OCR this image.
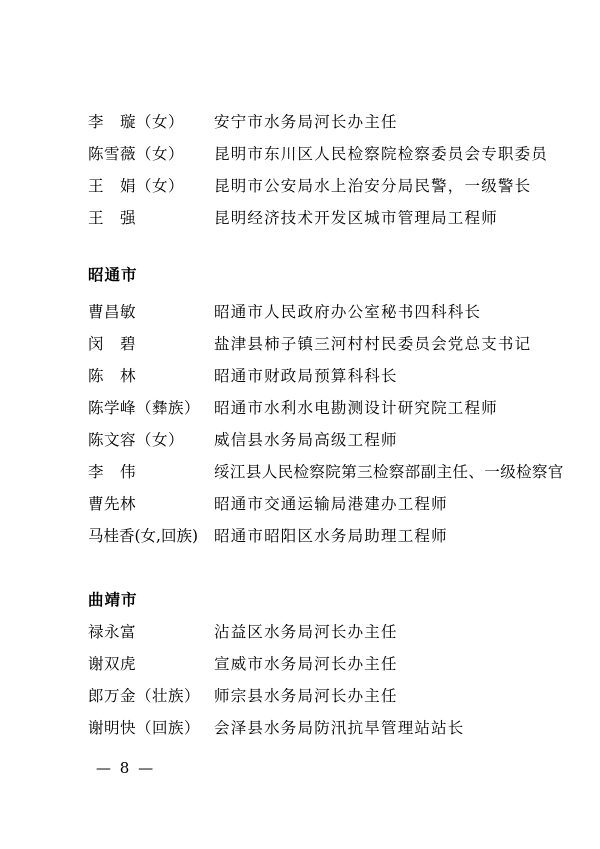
李　璇（女）	安宁市水务局河长办主任
陈雪薇（女）	昆明市东川区人民检察院检察委员会专职委员
王　娟（女）	昆明市公安局水上治安分局民警，一级警长
王　强	昆明经济技术开发区城市管理局工程师
昭通市
曹昌敏	昭通市人民政府办公室秘书四科科长
闵　碧	盐津县柿子镇三河村村民委员会党总支书记
陈　林	昭通市财政局预算科科长
陈学峰（彝族） 昭通市水利水电勘测设计研究院工程师
陈文容（女）	威信县水务局高级工程师
李　伟	绥江县人民检察院第三检察部副主任、一级检察官
曹先林	昭通市交通运输局港建办工程师
马桂香(女,回族)	昭通市昭阳区水务局助理工程师
曲靖市
禄永富	沾益区水务局河长办主任
谢双虎	宣威市水务局河长办主任
郎万金（壮族） 师宗县水务局河长办主任
谢明快（回族） 会泽县水务局防汛抗旱管理站站长
— 8 —
